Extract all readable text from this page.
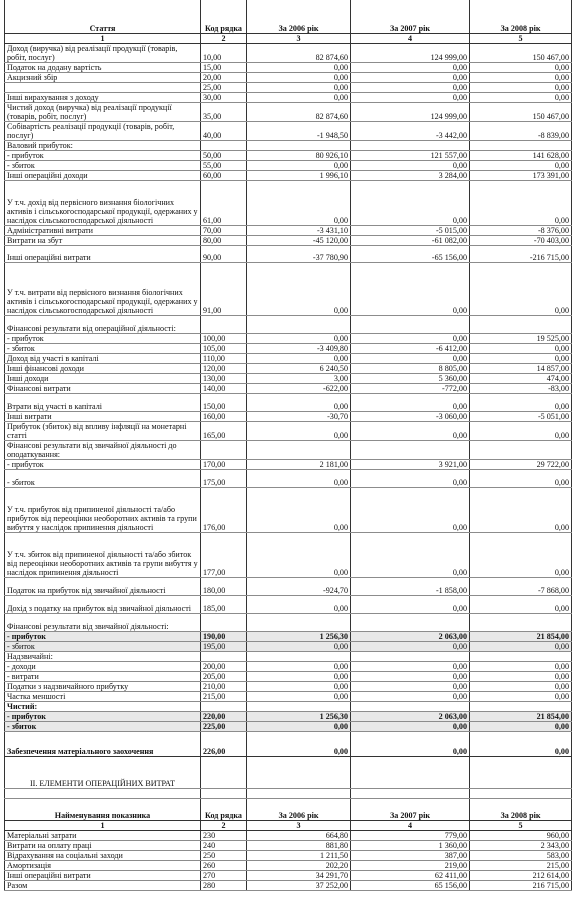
Стаття	Код рядка	За 2006 рік	За 2007 рік	За 2008 рік
1	2	3	4	5
Доход (виручка) від реалізації продукції (товарів, робіт, послуг)	10,00	82 874,60	124 999,00	150 467,00
Податок на додану вартість	15,00	0,00	0,00	0,00
Акцизний збір	20,00	0,00	0,00	0,00
	25,00	0,00	0,00	0,00
Інші вирахування з доходу	30,00	0,00	0,00	0,00
Чистий доход (виручка) від реалізації продукції (товарів, робіт, послуг)	35,00	82 874,60	124 999,00	150 467,00
Собівартість реалізації продукції (товарів, робіт, послуг)	40,00	-1 948,50	-3 442,00	-8 839,00
Валовий прибуток:				
- прибуток	50,00	80 926,10	121 557,00	141 628,00
- збиток	55,00	0,00	0,00	0,00
Інші операційні доходи	60,00	1 996,10	3 284,00	173 391,00
У т.ч. дохід від первісного визнання біологічних активів і сільськогосподарської продукції, одержаних у наслідок сільськогосподарської діяльності	61,00	0,00	0,00	0,00
Адміністративні витрати	70,00	-3 431,10	-5 015,00	-8 376,00
Витрати на збут	80,00	-45 120,00	-61 082,00	-70 403,00
Інші операційні витрати	90,00	-37 780,90	-65 156,00	-216 715,00
У т.ч. витрати від первісного визнання біологічних активів і сільськогосподарської продукції, одержаних у наслідок сільськогосподарської діяльності	91,00	0,00	0,00	0,00
Фінансові результати від операційної діяльності:				
- прибуток	100,00	0,00	0,00	19 525,00
- збиток	105,00	-3 409,80	-6 412,00	0,00
Доход від участі в капіталі	110,00	0,00	0,00	0,00
Інші фінансові доходи	120,00	6 240,50	8 805,00	14 857,00
Інші доходи	130,00	3,00	5 360,00	474,00
Фінансові витрати	140,00	-622,00	-772,00	-83,00
Втрати від участі в капіталі	150,00	0,00	0,00	0,00
Інші витрати	160,00	-30,70	-3 060,00	-5 051,00
Прибуток (збиток) від впливу інфляції на монетарні статті	165,00	0,00	0,00	0,00
Фінансові результати від звичайної діяльності до оподаткування:				
- прибуток	170,00	2 181,00	3 921,00	29 722,00
- збиток	175,00	0,00	0,00	0,00
У т.ч. прибуток від припиненої діяльності та/або прибуток від переоцінки необоротних активів та групи вибуття у наслідок припинення діяльності	176,00	0,00	0,00	0,00
У т.ч. збиток від припиненої діяльності та/або збиток від переоцінки необоротних активів та групи вибуття у наслідок припинення діяльності	177,00	0,00	0,00	0,00
Податок на прибуток від звичайної діяльності	180,00	-924,70	-1 858,00	-7 868,00
Дохід з податку на прибуток від звичайної діяльності	185,00	0,00	0,00	0,00
Фінансові результати від звичайної діяльності:				
- прибуток	190,00	1 256,30	2 063,00	21 854,00
- збиток	195,00	0,00	0,00	0,00
Надзвичайні:				
- доходи	200,00	0,00	0,00	0,00
- витрати	205,00	0,00	0,00	0,00
Податки з надзвичайного прибутку	210,00	0,00	0,00	0,00
Частка меншості	215,00	0,00	0,00	0,00
Чистий:				
- прибуток	220,00	1 256,30	2 063,00	21 854,00
- збиток	225,00	0,00	0,00	0,00
Забезпечення матеріального заохочення	226,00	0,00	0,00	0,00

II. ЕЛЕМЕНТИ ОПЕРАЦІЙНИХ ВИТРАТ				

Найменування показника	Код рядка	За 2006 рік	За 2007 рік	За 2008 рік
1	2	3	4	5
Матеріальні затрати	230	664,80	779,00	960,00
Витрати на оплату праці	240	881,80	1 360,00	2 343,00
Відрахування на соціальні заходи	250	1 211,50	387,00	583,00
Амортизація	260	202,20	219,00	215,00
Інші операційні витрати	270	34 291,70	62 411,00	212 614,00
Разом	280	37 252,00	65 156,00	216 715,00
